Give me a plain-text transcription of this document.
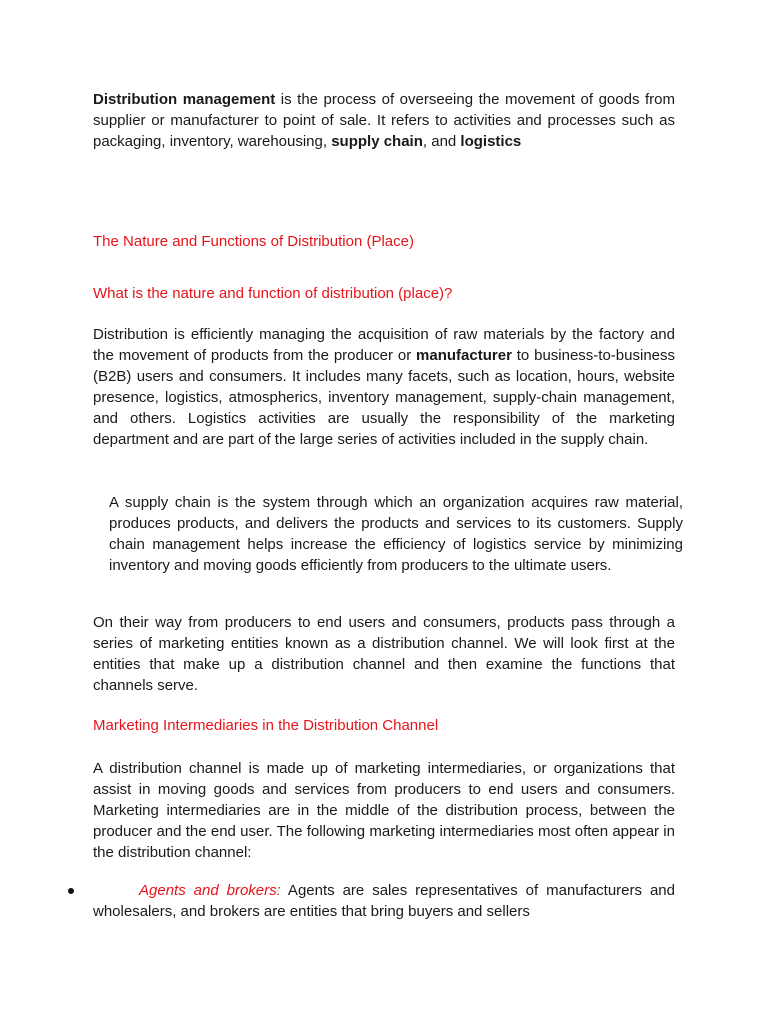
Distribution management is the process of overseeing the movement of goods from supplier or manufacturer to point of sale. It refers to activities and processes such as packaging, inventory, warehousing, supply chain, and logistics

The Nature and Functions of Distribution (Place)
What is the nature and function of distribution (place)?

Distribution is efficiently managing the acquisition of raw materials by the factory and the movement of products from the producer or manufacturer to business-to-business (B2B) users and consumers. It includes many facets, such as location, hours, website presence, logistics, atmospherics, inventory management, supply-chain management, and others. Logistics activities are usually the responsibility of the marketing department and are part of the large series of activities included in the supply chain.

A supply chain is the system through which an organization acquires raw material, produces products, and delivers the products and services to its customers. Supply chain management helps increase the efficiency of logistics service by minimizing inventory and moving goods efficiently from producers to the ultimate users.

On their way from producers to end users and consumers, products pass through a series of marketing entities known as a distribution channel. We will look first at the entities that make up a distribution channel and then examine the functions that channels serve.

Marketing Intermediaries in the Distribution Channel

A distribution channel is made up of marketing intermediaries, or organizations that assist in moving goods and services from producers to end users and consumers. Marketing intermediaries are in the middle of the distribution process, between the producer and the end user. The following marketing intermediaries most often appear in the distribution channel:

Agents and brokers: Agents are sales representatives of manufacturers and wholesalers, and brokers are entities that bring buyers and sellers
